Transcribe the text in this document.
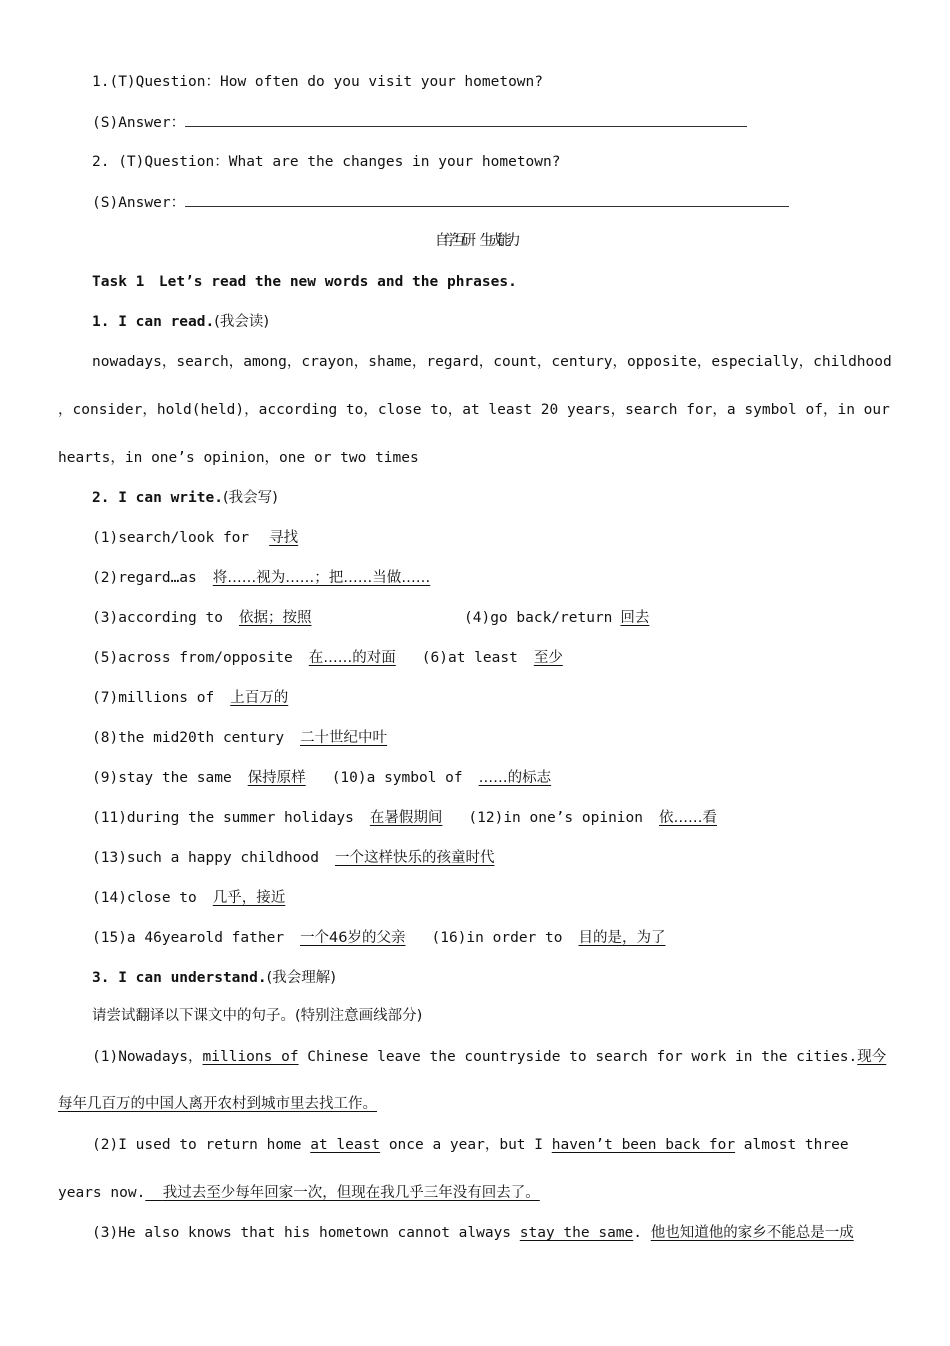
1.(T)Question：How often do you visit your hometown?
(S)Answer：
2. (T)Question：What are the changes in your hometown?
(S)Answer：
自学互研　生成能力
Task 1　Let’s read the new words and the phrases.
1. I can read.(我会读)
nowadays，search，among，crayon，shame，regard，count，century，opposite，especially，childhood
，consider，hold(held)，according to，close to，at least 20 years，search for，a symbol of，in our
hearts，in one’s opinion，one or two times
2. I can write.(我会写)
(1)search/look for 寻找
(2)regard…as 将……视为……；把……当做……
(3)according to 依据；按照	(4)go back/return 回去
(5)across from/opposite 在……的对面 (6)at least 至少
(7)millions of 上百万的
(8)the mid20th century 二十世纪中叶
(9)stay the same 保持原样 (10)a symbol of ……的标志
(11)during the summer holidays 在暑假期间 (12)in one’s opinion 依……看
(13)such a happy childhood 一个这样快乐的孩童时代
(14)close to 几乎，接近
(15)a 46yearold father 一个46岁的父亲 (16)in order to 目的是，为了
3. I can understand.(我会理解)
请尝试翻译以下课文中的句子。(特别注意画线部分)
(1)Nowadays，millions of Chinese leave the countryside to search for work in the cities.现今
每年几百万的中国人离开农村到城市里去找工作。
(2)I used to return home at least once a year，but I haven’t been back for almost three
years now. 我过去至少每年回家一次，但现在我几乎三年没有回去了。
(3)He also knows that his hometown cannot always stay the same. 他也知道他的家乡不能总是一成
